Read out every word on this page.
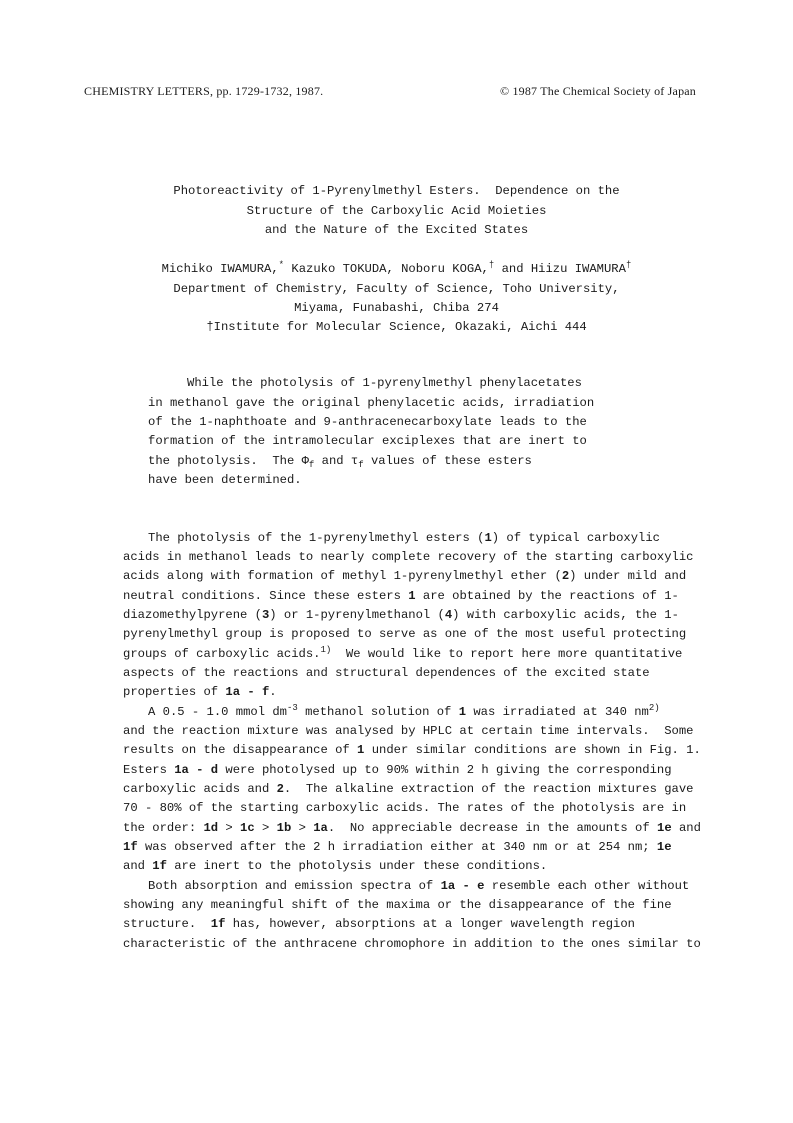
CHEMISTRY LETTERS, pp. 1729-1732, 1987.	© 1987 The Chemical Society of Japan
Photoreactivity of 1-Pyrenylmethyl Esters.  Dependence on the
Structure of the Carboxylic Acid Moieties
and the Nature of the Excited States
Michiko IWAMURA,* Kazuko TOKUDA, Noboru KOGA,† and Hiizu IWAMURA†
Department of Chemistry, Faculty of Science, Toho University,
Miyama, Funabashi, Chiba 274
†Institute for Molecular Science, Okazaki, Aichi 444
While the photolysis of 1-pyrenylmethyl phenylacetates
in methanol gave the original phenylacetic acids, irradiation
of the 1-naphthoate and 9-anthracenecarboxylate leads to the
formation of the intramolecular exciplexes that are inert to
the photolysis.  The $\Phi_f$ and $\tau_f$ values of these esters
have been determined.
The photolysis of the 1-pyrenylmethyl esters (1) of typical carboxylic
acids in methanol leads to nearly complete recovery of the starting carboxylic
acids along with formation of methyl 1-pyrenylmethyl ether (2) under mild and
neutral conditions. Since these esters 1 are obtained by the reactions of 1-
diazomethylpyrene (3) or 1-pyrenylmethanol (4) with carboxylic acids, the 1-
pyrenylmethyl group is proposed to serve as one of the most useful protecting
groups of carboxylic acids.$^{1)}$  We would like to report here more quantitative
aspects of the reactions and structural dependences of the excited state
properties of 1a - f.
A 0.5 - 1.0 mmol $dm^{-3}$ methanol solution of 1 was irradiated at 340 $nm^{2)}$
and the reaction mixture was analysed by HPLC at certain time intervals.  Some
results on the disappearance of 1 under similar conditions are shown in Fig. 1.
Esters 1a - d were photolysed up to 90% within 2 h giving the corresponding
carboxylic acids and 2.  The alkaline extraction of the reaction mixtures gave
70 - 80% of the starting carboxylic acids. The rates of the photolysis are in
the order: 1d > 1c > 1b > 1a.  No appreciable decrease in the amounts of 1e and
1f was observed after the 2 h irradiation either at 340 nm or at 254 nm; 1e
and 1f are inert to the photolysis under these conditions.
Both absorption and emission spectra of 1a - e resemble each other without
showing any meaningful shift of the maxima or the disappearance of the fine
structure.  1f has, however, absorptions at a longer wavelength region
characteristic of the anthracene chromophore in addition to the ones similar to
